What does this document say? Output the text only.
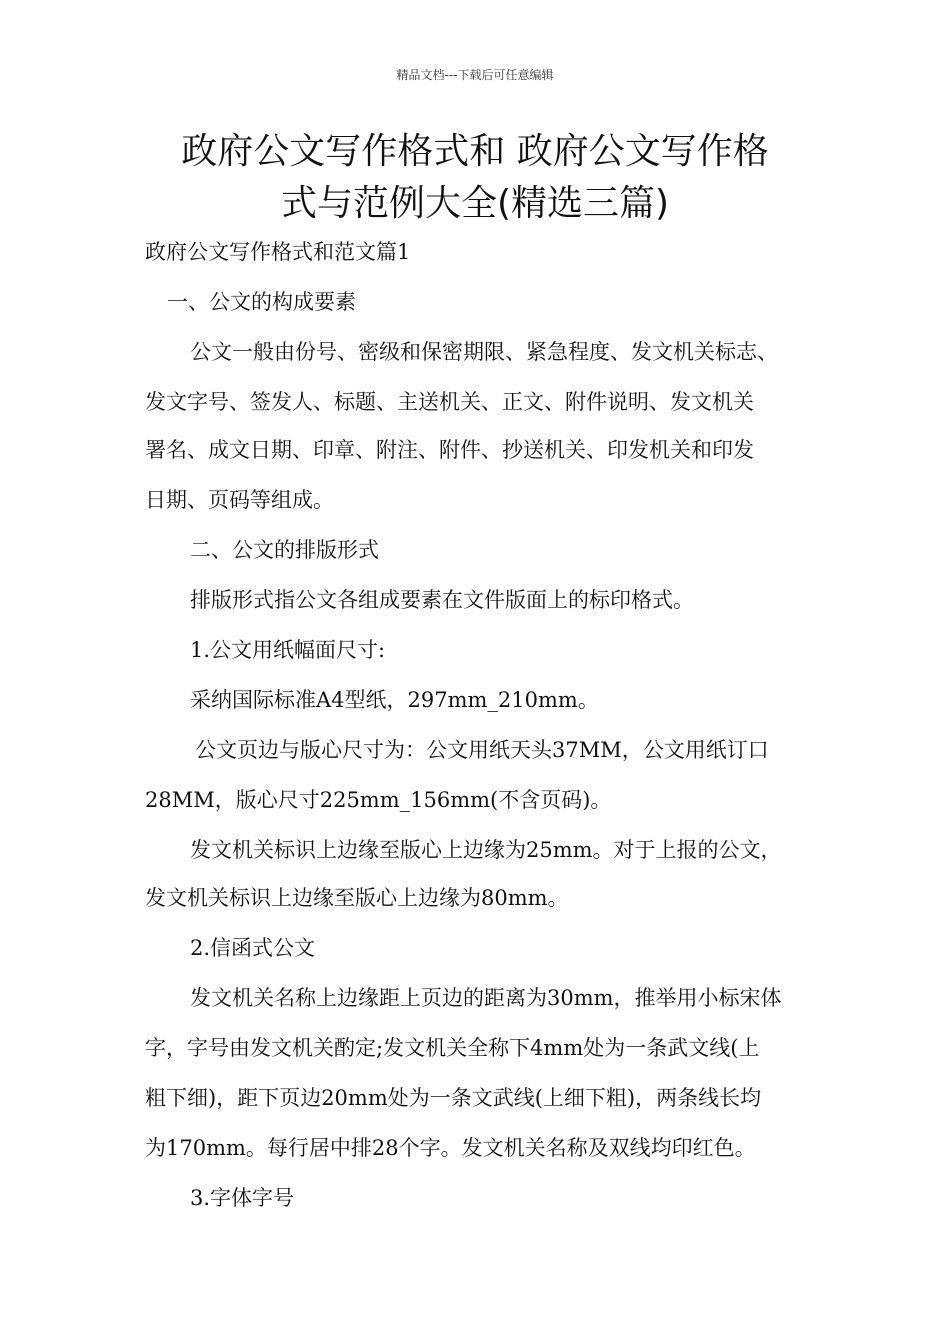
精品文档---下载后可任意编辑
政府公文写作格式和 政府公文写作格
式与范例大全(精选三篇)
政府公文写作格式和范文篇1
一、公文的构成要素
公文一般由份号、密级和保密期限、紧急程度、发文机关标志、
发文字号、签发人、标题、主送机关、正文、附件说明、发文机关
署名、成文日期、印章、附注、附件、抄送机关、印发机关和印发
日期、页码等组成。
二、公文的排版形式
排版形式指公文各组成要素在文件版面上的标印格式。
1.公文用纸幅面尺寸:
采纳国际标准A4型纸，297mm_210mm。
公文页边与版心尺寸为：公文用纸天头37MM，公文用纸订口
28MM，版心尺寸225mm_156mm(不含页码)。
发文机关标识上边缘至版心上边缘为25mm。对于上报的公文，
发文机关标识上边缘至版心上边缘为80mm。
2.信函式公文
发文机关名称上边缘距上页边的距离为30mm，推举用小标宋体
字，字号由发文机关酌定;发文机关全称下4mm处为一条武文线(上
粗下细)，距下页边20mm处为一条文武线(上细下粗)，两条线长均
为170mm。每行居中排28个字。发文机关名称及双线均印红色。
3.字体字号
